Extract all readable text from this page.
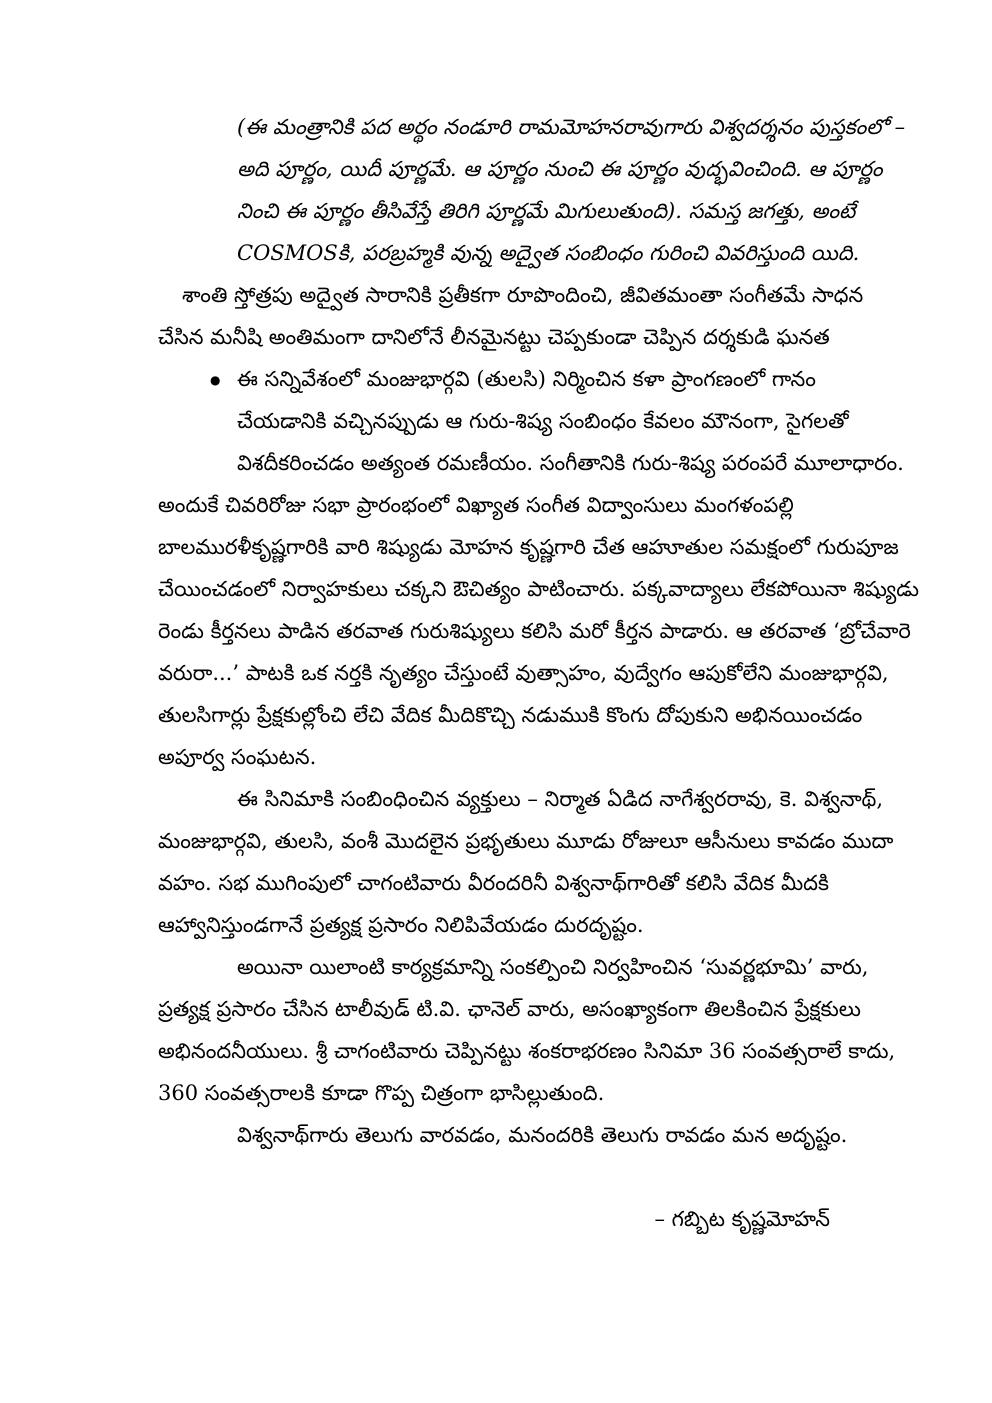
(ఈ మంత్రానికి పద అర్థం నండూరి రామమోహనరావుగారు విశ్వదర్శనం పుస్తకంలో –
అది పూర్ణం, యిదీ పూర్ణమే. ఆ పూర్ణం నుంచి ఈ పూర్ణం వుద్భవించింది. ఆ పూర్ణం
నించి ఈ పూర్ణం తీసివేస్తే తిరిగి పూర్ణమే మిగులుతుంది). సమస్త జగత్తు, అంటే
COSMOSకి, పరబ్రహ్మకి వున్న అద్వైత సంబింధం గురించి వివరిస్తుంది యిది.
శాంతి స్తోత్రపు అద్వైత సారానికి ప్రతీకగా రూపొందించి, జీవితమంతా సంగీతమే సాధన
చేసిన మనీషి అంతిమంగా దానిలోనే లీనమైనట్టు చెప్పకుండా చెప్పిన దర్శకుడి ఘనత
● ఈ సన్నివేశంలో మంజుభార్గవి (తులసి) నిర్మించిన కళా ప్రాంగణంలో గానం
చేయడానికి వచ్చినప్పుడు ఆ గురు-శిష్య సంబింధం కేవలం మౌనంగా, సైగలతో
విశదీకరించడం అత్యంత రమణీయం. సంగీతానికి గురు-శిష్య పరంపరే మూలాధారం.
అందుకే చివరిరోజు సభా ప్రారంభంలో విఖ్యాత సంగీత విద్వాంసులు మంగళంపల్లి
బాలమురళీకృష్ణగారికి వారి శిష్యుడు మోహన కృష్ణగారి చేత ఆహూతుల సమక్షంలో గురుపూజ
చేయించడంలో నిర్వాహకులు చక్కని ఔచిత్యం పాటించారు. పక్కవాద్యాలు లేకపోయినా శిష్యుడు
రెండు కీర్తనలు పాడిన తరవాత గురుశిష్యులు కలిసి మరో కీర్తన పాడారు. ఆ తరవాత ‘బ్రోచేవారె
వరురా...’ పాటకి ఒక నర్తకి నృత్యం చేస్తుంటే వుత్సాహం, వుద్వేగం ఆపుకోలేని మంజుభార్గవి,
తులసిగార్లు ప్రేక్షకుల్లోంచి లేచి వేదిక మీదికొచ్చి నడుముకి కొంగు దోపుకుని అభినయించడం
అపూర్వ సంఘటన.
ఈ సినిమాకి సంబింధించిన వ్యక్తులు – నిర్మాత ఏడిద నాగేశ్వరరావు, కె. విశ్వనాథ్,
మంజుభార్గవి, తులసి, వంశీ మొదలైన ప్రభృతులు మూడు రోజులూ ఆసీనులు కావడం ముదా
వహం. సభ ముగింపులో చాగంటివారు వీరందరినీ విశ్వనాథ్‌గారితో కలిసి వేదిక మీదకి
ఆహ్వానిస్తుండగానే ప్రత్యక్ష ప్రసారం నిలిపివేయడం దురదృష్టం.
అయినా యిలాంటి కార్యక్రమాన్ని సంకల్పించి నిర్వహించిన ‘సువర్ణభూమి’ వారు,
ప్రత్యక్ష ప్రసారం చేసిన టాలీవుడ్ టి.వి. ఛానెల్ వారు, అసంఖ్యాకంగా తిలకించిన ప్రేక్షకులు
అభినందనీయులు. శ్రీ చాగంటివారు చెప్పినట్టు శంకరాభరణం సినిమా 36 సంవత్సరాలే కాదు,
360 సంవత్సరాలకి కూడా గొప్ప చిత్రంగా భాసిల్లుతుంది.
విశ్వనాథ్‌గారు తెలుగు వారవడం, మనందరికి తెలుగు రావడం మన అదృష్టం.
– గబ్బిట కృష్ణమోహన్
